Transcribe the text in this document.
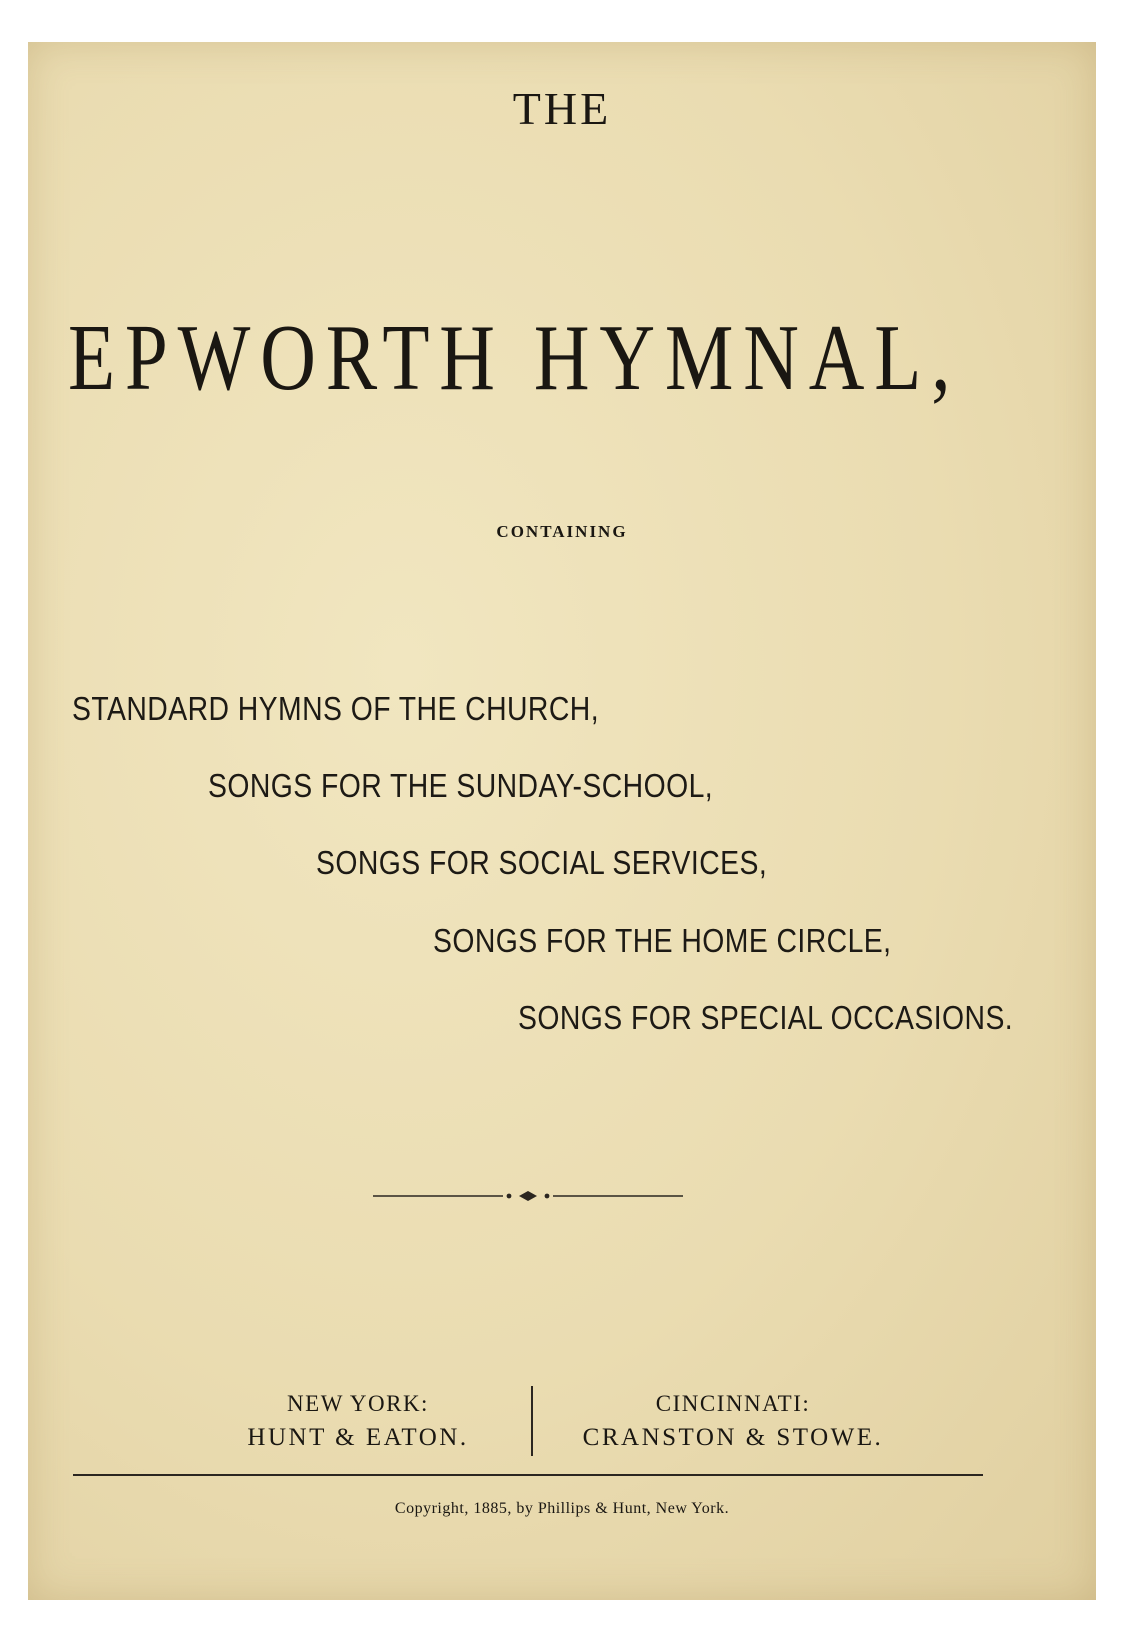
THE
EPWORTH HYMNAL,
CONTAINING
STANDARD HYMNS OF THE CHURCH,
SONGS FOR THE SUNDAY-SCHOOL,
SONGS FOR SOCIAL SERVICES,
SONGS FOR THE HOME CIRCLE,
SONGS FOR SPECIAL OCCASIONS.
NEW YORK:
HUNT & EATON.
CINCINNATI:
CRANSTON & STOWE.
Copyright, 1885, by Phillips & Hunt, New York.
